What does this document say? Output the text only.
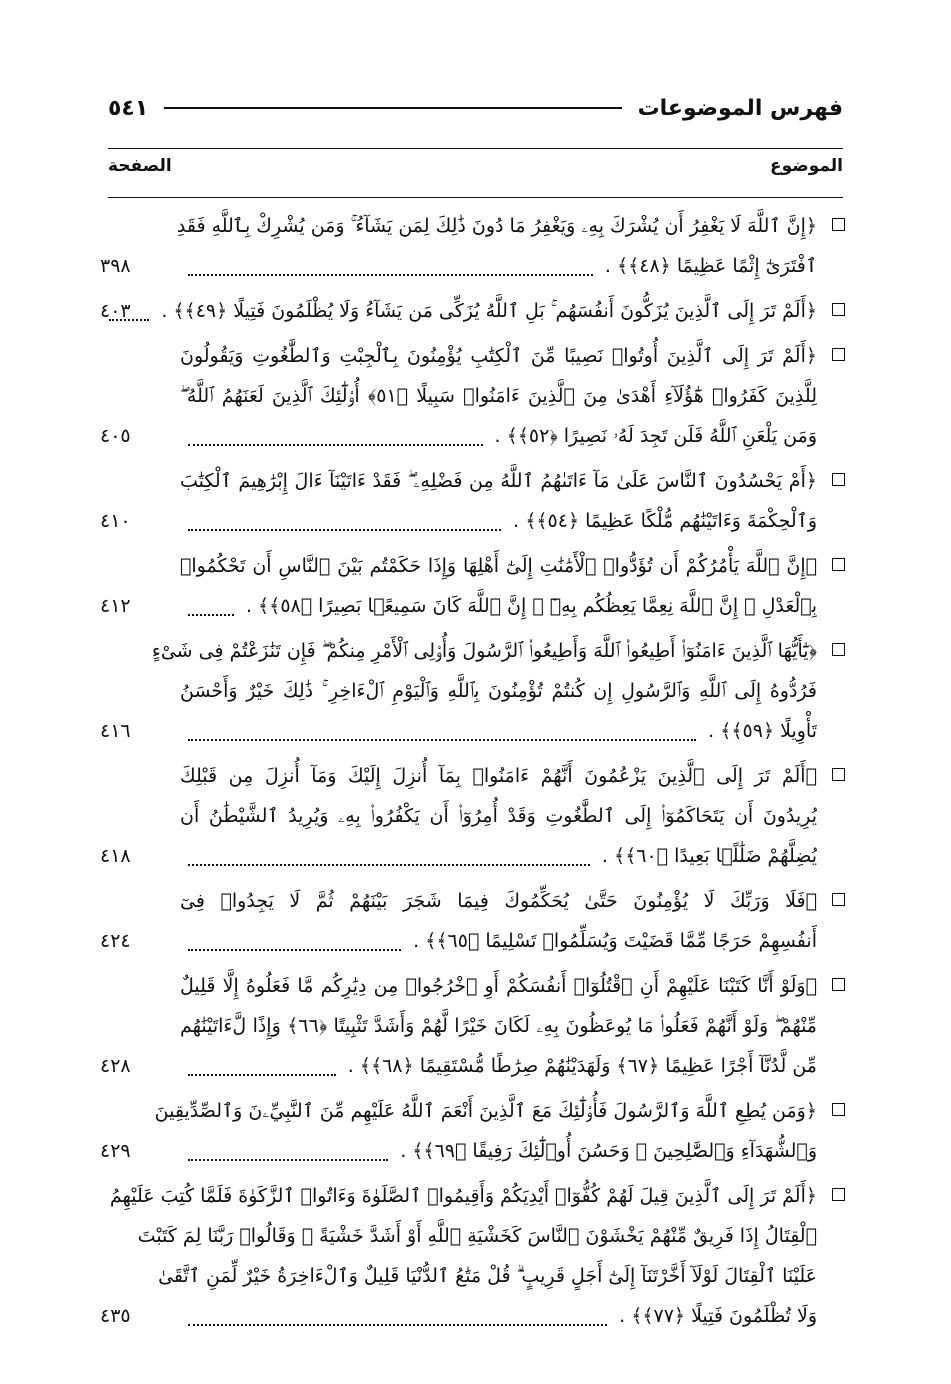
فهرس الموضوعات
٥٤١
الموضوع
الصفحة
﴿إِنَّ ٱللَّهَ لَا يَغْفِرُ أَن يُشْرَكَ بِهِۦ وَيَغْفِرُ مَا دُونَ ذَٰلِكَ لِمَن يَشَآءُ ۚ وَمَن يُشْرِكْ بِٱللَّهِ فَقَدِ
ٱفْتَرَىٰٓ إِثْمًا عَظِيمًا ﴿٤٨﴾﴾ .
٣٩٨
﴿أَلَمْ تَرَ إِلَى ٱلَّذِينَ يُزَكُّونَ أَنفُسَهُم ۚ بَلِ ٱللَّهُ يُزَكِّى مَن يَشَآءُ وَلَا يُظْلَمُونَ فَتِيلًا ﴿٤٩﴾﴾ .
٤٠٣
﴿أَلَمْ تَرَ إِلَى ٱلَّذِينَ أُوتُوا۟ نَصِيبًا مِّنَ ٱلْكِتَٰبِ يُؤْمِنُونَ بِٱلْجِبْتِ وَٱلطَّٰغُوتِ وَيَقُولُونَ
لِلَّذِينَ كَفَرُوا۟ هَٰٓؤُلَآءِ أَهْدَىٰ مِنَ ٱلَّذِينَ ءَامَنُوا۟ سَبِيلًا ﴿٥١﴾ أُو۟لَٰٓئِكَ ٱلَّذِينَ لَعَنَهُمُ ٱللَّهُ ۖ
وَمَن يَلْعَنِ ٱللَّهُ فَلَن تَجِدَ لَهُۥ نَصِيرًا ﴿٥٢﴾﴾ .
٤٠٥
﴿أَمْ يَحْسُدُونَ ٱلنَّاسَ عَلَىٰ مَآ ءَاتَىٰهُمُ ٱللَّهُ مِن فَضْلِهِۦ ۖ فَقَدْ ءَاتَيْنَآ ءَالَ إِبْرَٰهِيمَ ٱلْكِتَٰبَ
وَٱلْحِكْمَةَ وَءَاتَيْنَٰهُم مُّلْكًا عَظِيمًا ﴿٥٤﴾﴾ .
٤١٠
﴿إِنَّ ٱللَّهَ يَأْمُرُكُمْ أَن تُؤَدُّوا۟ ٱلْأَمَٰنَٰتِ إِلَىٰٓ أَهْلِهَا وَإِذَا حَكَمْتُم بَيْنَ ٱلنَّاسِ أَن تَحْكُمُوا۟
بِٱلْعَدْلِ ۚ إِنَّ ٱللَّهَ نِعِمَّا يَعِظُكُم بِهِۦٓ ۗ إِنَّ ٱللَّهَ كَانَ سَمِيعًۢا بَصِيرًا ﴿٥٨﴾﴾ .
٤١٢
﴿يَٰٓأَيُّهَا ٱلَّذِينَ ءَامَنُوٓا۟ أَطِيعُوا۟ ٱللَّهَ وَأَطِيعُوا۟ ٱلرَّسُولَ وَأُو۟لِى ٱلْأَمْرِ مِنكُمْ ۖ فَإِن تَنَٰزَعْتُمْ فِى شَىْءٍ
فَرُدُّوهُ إِلَى ٱللَّهِ وَٱلرَّسُولِ إِن كُنتُمْ تُؤْمِنُونَ بِٱللَّهِ وَٱلْيَوْمِ ٱلْءَاخِرِ ۚ ذَٰلِكَ خَيْرٌ وَأَحْسَنُ
تَأْوِيلًا ﴿٥٩﴾﴾ .
٤١٦
﴿أَلَمْ تَرَ إِلَى ٱلَّذِينَ يَزْعُمُونَ أَنَّهُمْ ءَامَنُوا۟ بِمَآ أُنزِلَ إِلَيْكَ وَمَآ أُنزِلَ مِن قَبْلِكَ
يُرِيدُونَ أَن يَتَحَاكَمُوٓا۟ إِلَى ٱلطَّٰغُوتِ وَقَدْ أُمِرُوٓا۟ أَن يَكْفُرُوا۟ بِهِۦ وَيُرِيدُ ٱلشَّيْطَٰنُ أَن
يُضِلَّهُمْ ضَلَٰلًۢا بَعِيدًا ﴿٦٠﴾﴾ .
٤١٨
﴿فَلَا وَرَبِّكَ لَا يُؤْمِنُونَ حَتَّىٰ يُحَكِّمُوكَ فِيمَا شَجَرَ بَيْنَهُمْ ثُمَّ لَا يَجِدُوا۟ فِىٓ
أَنفُسِهِمْ حَرَجًا مِّمَّا قَضَيْتَ وَيُسَلِّمُوا۟ تَسْلِيمًا ﴿٦٥﴾﴾ .
٤٢٤
﴿وَلَوْ أَنَّا كَتَبْنَا عَلَيْهِمْ أَنِ ٱقْتُلُوٓا۟ أَنفُسَكُمْ أَوِ ٱخْرُجُوا۟ مِن دِيَٰرِكُم مَّا فَعَلُوهُ إِلَّا قَلِيلٌ
مِّنْهُمْ ۖ وَلَوْ أَنَّهُمْ فَعَلُوا۟ مَا يُوعَظُونَ بِهِۦ لَكَانَ خَيْرًا لَّهُمْ وَأَشَدَّ تَثْبِيتًا ﴿٦٦﴾ وَإِذًا لَّءَاتَيْنَٰهُم
مِّن لَّدُنَّآ أَجْرًا عَظِيمًا ﴿٦٧﴾ وَلَهَدَيْنَٰهُمْ صِرَٰطًا مُّسْتَقِيمًا ﴿٦٨﴾﴾ .
٤٢٨
﴿وَمَن يُطِعِ ٱللَّهَ وَٱلرَّسُولَ فَأُو۟لَٰٓئِكَ مَعَ ٱلَّذِينَ أَنْعَمَ ٱللَّهُ عَلَيْهِم مِّنَ ٱلنَّبِيِّۦنَ وَٱلصِّدِّيقِينَ
وَٱلشُّهَدَآءِ وَٱلصَّٰلِحِينَ ۚ وَحَسُنَ أُو۟لَٰٓئِكَ رَفِيقًا ﴿٦٩﴾﴾ .
٤٢٩
﴿أَلَمْ تَرَ إِلَى ٱلَّذِينَ قِيلَ لَهُمْ كُفُّوٓا۟ أَيْدِيَكُمْ وَأَقِيمُوا۟ ٱلصَّلَوٰةَ وَءَاتُوا۟ ٱلزَّكَوٰةَ فَلَمَّا كُتِبَ عَلَيْهِمُ
ٱلْقِتَالُ إِذَا فَرِيقٌ مِّنْهُمْ يَخْشَوْنَ ٱلنَّاسَ كَخَشْيَةِ ٱللَّهِ أَوْ أَشَدَّ خَشْيَةً ۚ وَقَالُوا۟ رَبَّنَا لِمَ كَتَبْتَ
عَلَيْنَا ٱلْقِتَالَ لَوْلَآ أَخَّرْتَنَآ إِلَىٰٓ أَجَلٍ قَرِيبٍ ۗ قُلْ مَتَٰعُ ٱلدُّنْيَا قَلِيلٌ وَٱلْءَاخِرَةُ خَيْرٌ لِّمَنِ ٱتَّقَىٰ
وَلَا تُظْلَمُونَ فَتِيلًا ﴿٧٧﴾﴾ .
٤٣٥
